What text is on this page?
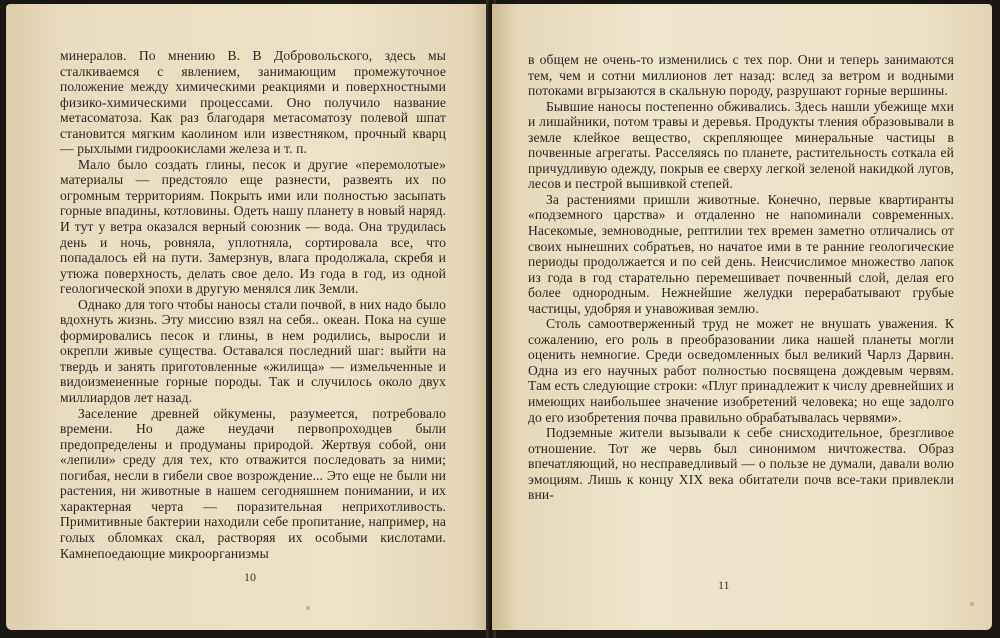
минералов. По мнению В. В Добровольского, здесь мы сталкиваемся с явлением, занимающим промежуточное положение между химическими реакциями и поверхностными физико-химическими процессами. Оно получило название метасоматоза. Как раз благодаря метасоматозу полевой шпат становится мягким каолином или известняком, прочный кварц — рыхлыми гидроокислами железа и т. п.

Мало было создать глины, песок и другие «перемолотые» материалы — предстояло еще разнести, развеять их по огромным территориям. Покрыть ими или полностью засыпать горные впадины, котловины. Одеть нашу планету в новый наряд. И тут у ветра оказался верный союзник — вода. Она трудилась день и ночь, ровняла, уплотняла, сортировала все, что попадалось ей на пути. Замерзнув, влага продолжала, скребя и утюжа поверхность, делать свое дело. Из года в год, из одной геологической эпохи в другую менялся лик Земли.

Однако для того чтобы наносы стали почвой, в них надо было вдохнуть жизнь. Эту миссию взял на себя.. океан. Пока на суше формировались песок и глины, в нем родились, выросли и окрепли живые существа. Оставался последний шаг: выйти на твердь и занять приготовленные «жилища» — измельченные и видоизмененные горные породы. Так и случилось около двух миллиардов лет назад.

Заселение древней ойкумены, разумеется, потребовало времени. Но даже неудачи первопроходцев были предопределены и продуманы природой. Жертвуя собой, они «лепили» среду для тех, кто отважится последовать за ними; погибая, несли в гибели свое возрождение... Это еще не были ни растения, ни животные в нашем сегодняшнем понимании, и их характерная черта — поразительная неприхотливость. Примитивные бактерии находили себе пропитание, например, на голых обломках скал, растворяя их особыми кислотами. Камнепоедающие микроорганизмы

10

в общем не очень-то изменились с тех пор. Они и теперь занимаются тем, чем и сотни миллионов лет назад: вслед за ветром и водными потоками вгрызаются в скальную породу, разрушают горные вершины.

Бывшие наносы постепенно обживались. Здесь нашли убежище мхи и лишайники, потом травы и деревья. Продукты тления образовывали в земле клейкое вещество, скрепляющее минеральные частицы в почвенные агрегаты. Расселяясь по планете, растительность соткала ей причудливую одежду, покрыв ее сверху легкой зеленой накидкой лугов, лесов и пестрой вышивкой степей.

За растениями пришли животные. Конечно, первые квартиранты «подземного царства» и отдаленно не напоминали современных. Насекомые, земноводные, рептилии тех времен заметно отличались от своих нынешних собратьев, но начатое ими в те ранние геологические периоды продолжается и по сей день. Неисчислимое множество лапок из года в год старательно перемешивает почвенный слой, делая его более однородным. Нежнейшие желудки перерабатывают грубые частицы, удобряя и унавоживая землю.

Столь самоотверженный труд не может не внушать уважения. К сожалению, его роль в преобразовании лика нашей планеты могли оценить немногие. Среди осведомленных был великий Чарлз Дарвин. Одна из его научных работ полностью посвящена дождевым червям. Там есть следующие строки: «Плуг принадлежит к числу древнейших и имеющих наибольшее значение изобретений человека; но еще задолго до его изобретения почва правильно обрабатывалась червями».

Подземные жители вызывали к себе снисходительное, брезгливое отношение. Тот же червь был синонимом ничтожества. Образ впечатляющий, но несправедливый — о пользе не думали, давали волю эмоциям. Лишь к концу XIX века обитатели почв все-таки привлекли вни-

11
